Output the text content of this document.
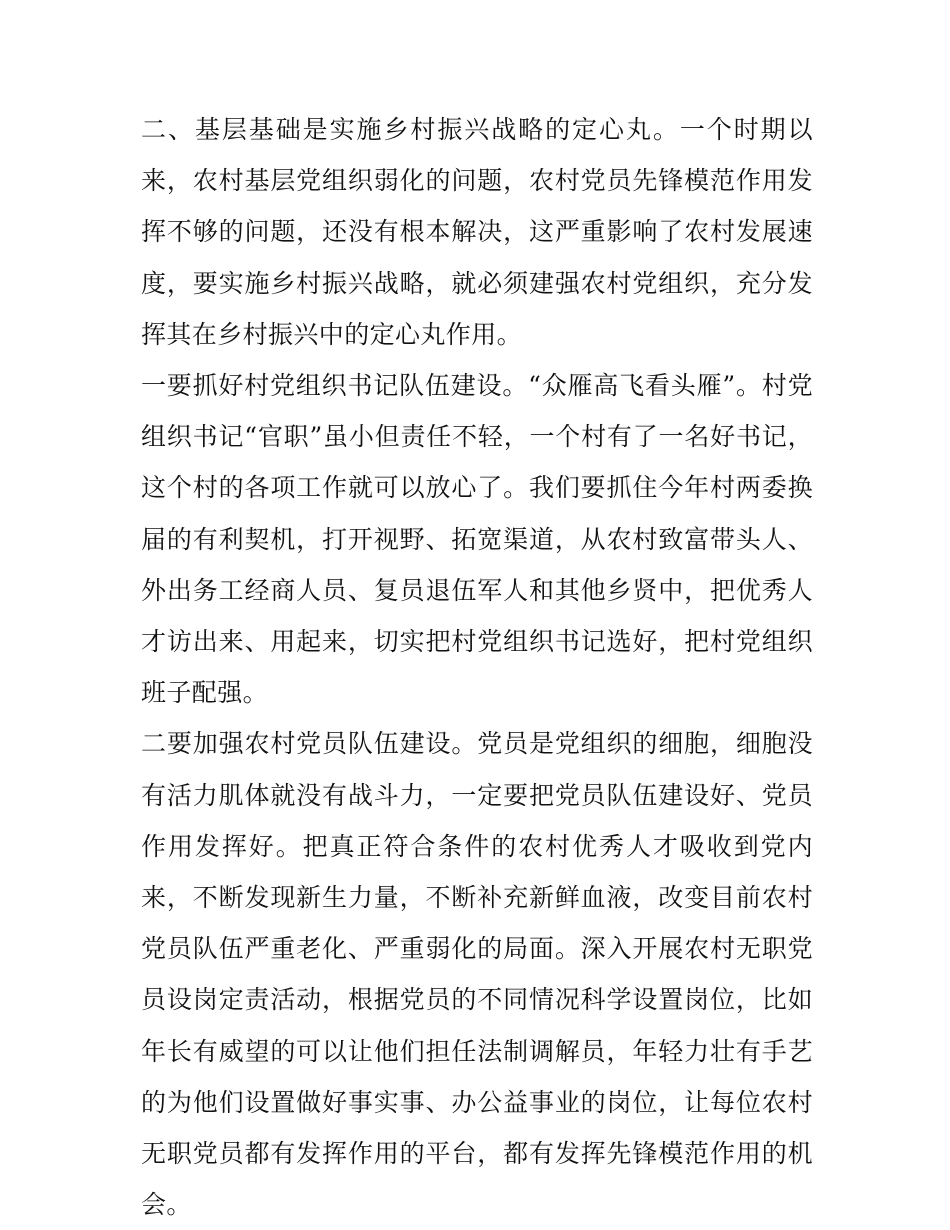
二、基层基础是实施乡村振兴战略的定心丸。一个时期以来，农村基层党组织弱化的问题，农村党员先锋模范作用发挥不够的问题，还没有根本解决，这严重影响了农村发展速度，要实施乡村振兴战略，就必须建强农村党组织，充分发挥其在乡村振兴中的定心丸作用。

一要抓好村党组织书记队伍建设。“众雁高飞看头雁”。村党组织书记“官职”虽小但责任不轻，一个村有了一名好书记，这个村的各项工作就可以放心了。我们要抓住今年村两委换届的有利契机，打开视野、拓宽渠道，从农村致富带头人、外出务工经商人员、复员退伍军人和其他乡贤中，把优秀人才访出来、用起来，切实把村党组织书记选好，把村党组织班子配强。

二要加强农村党员队伍建设。党员是党组织的细胞，细胞没有活力肌体就没有战斗力，一定要把党员队伍建设好、党员作用发挥好。把真正符合条件的农村优秀人才吸收到党内来，不断发现新生力量，不断补充新鲜血液，改变目前农村党员队伍严重老化、严重弱化的局面。深入开展农村无职党员设岗定责活动，根据党员的不同情况科学设置岗位，比如年长有威望的可以让他们担任法制调解员，年轻力壮有手艺的为他们设置做好事实事、办公益事业的岗位，让每位农村无职党员都有发挥作用的平台，都有发挥先锋模范作用的机会。
